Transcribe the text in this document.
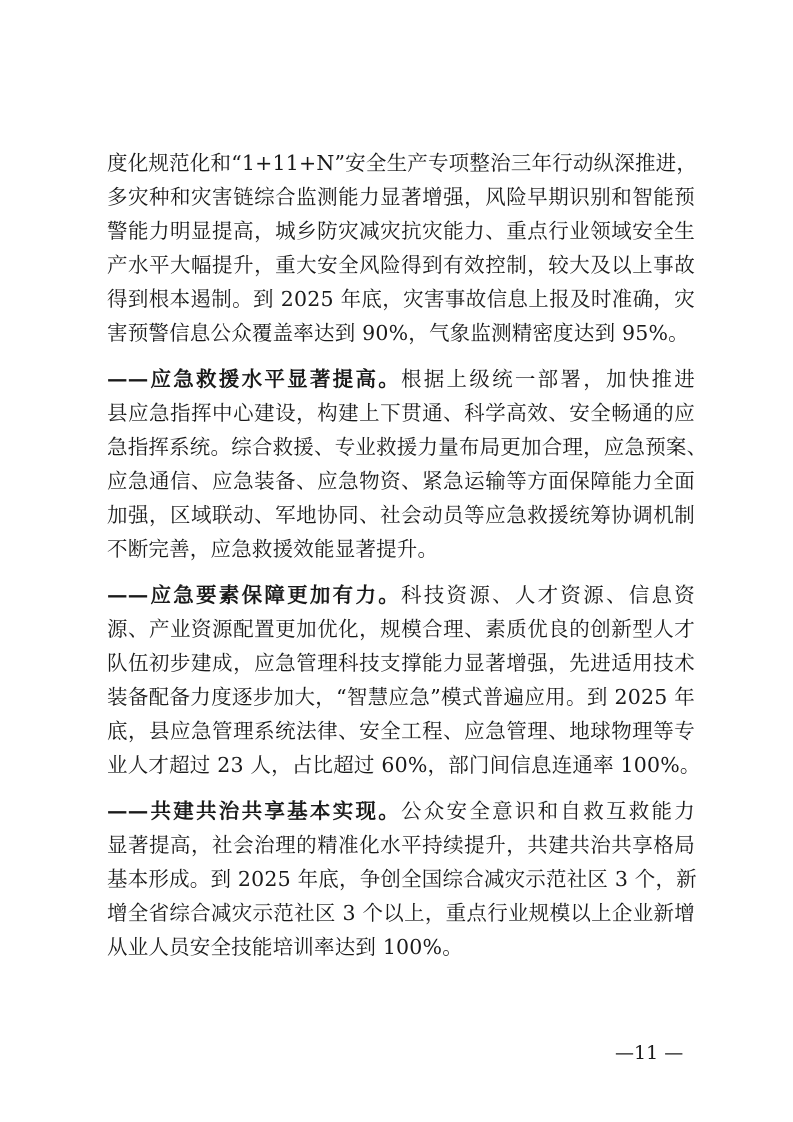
度化规范化和“1+11+N”安全生产专项整治三年行动纵深推进，
多灾种和灾害链综合监测能力显著增强，风险早期识别和智能预
警能力明显提高，城乡防灾减灾抗灾能力、重点行业领域安全生
产水平大幅提升，重大安全风险得到有效控制，较大及以上事故
得到根本遏制。到 2025 年底，灾害事故信息上报及时准确，灾
害预警信息公众覆盖率达到 90%，气象监测精密度达到 95%。
——应急救援水平显著提高。根据上级统一部署，加快推进
县应急指挥中心建设，构建上下贯通、科学高效、安全畅通的应
急指挥系统。综合救援、专业救援力量布局更加合理，应急预案、
应急通信、应急装备、应急物资、紧急运输等方面保障能力全面
加强，区域联动、军地协同、社会动员等应急救援统筹协调机制
不断完善，应急救援效能显著提升。
——应急要素保障更加有力。科技资源、人才资源、信息资
源、产业资源配置更加优化，规模合理、素质优良的创新型人才
队伍初步建成，应急管理科技支撑能力显著增强，先进适用技术
装备配备力度逐步加大，“智慧应急”模式普遍应用。到 2025 年
底，县应急管理系统法律、安全工程、应急管理、地球物理等专
业人才超过 23 人，占比超过 60%，部门间信息连通率 100%。
——共建共治共享基本实现。公众安全意识和自救互救能力
显著提高，社会治理的精准化水平持续提升，共建共治共享格局
基本形成。到 2025 年底，争创全国综合减灾示范社区 3 个，新
增全省综合减灾示范社区 3 个以上，重点行业规模以上企业新增
从业人员安全技能培训率达到 100%。
—11 —
